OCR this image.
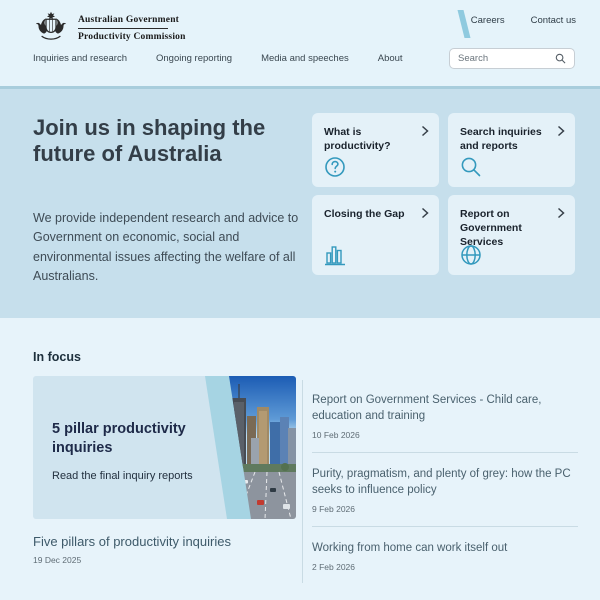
Australian Government
Productivity Commission
Careers	Contact us
Inquiries and research	Ongoing reporting	Media and speeches	About
Search
Join us in shaping the future of Australia

We provide independent research and advice to Government on economic, social and environmental issues affecting the welfare of all Australians.

What is productivity?
Search inquiries and reports
Closing the Gap	Report on Government Services
In focus
5 pillar productivity inquiries
Read the final inquiry reports
Five pillars of productivity inquiries
19 Dec 2025
Report on Government Services - Child care, education and training
10 Feb 2026
Purity, pragmatism, and plenty of grey: how the PC seeks to influence policy
9 Feb 2026
Working from home can work itself out
2 Feb 2026
